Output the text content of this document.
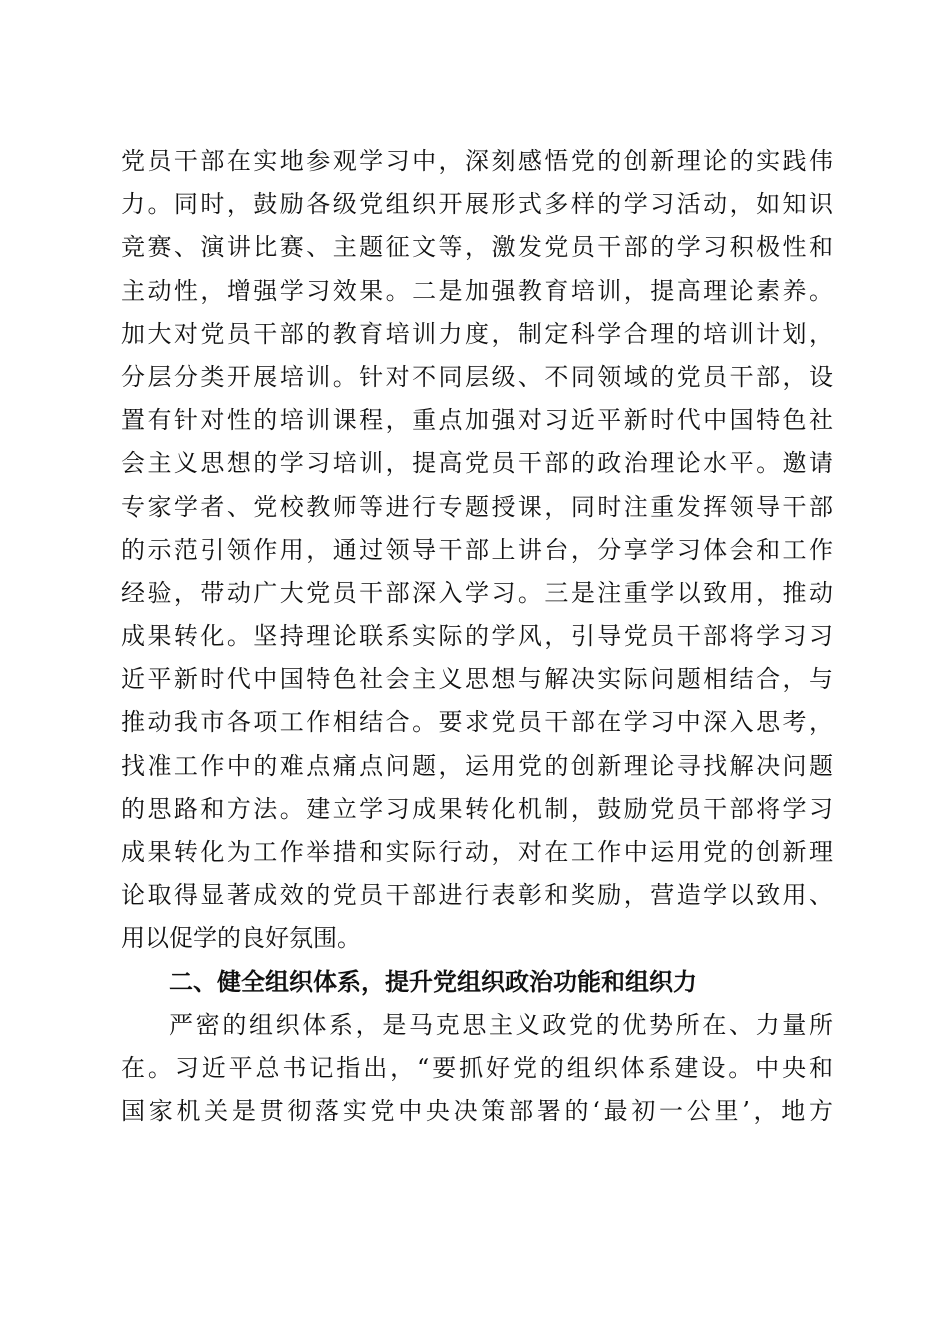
党员干部在实地参观学习中，深刻感悟党的创新理论的实践伟
力。同时，鼓励各级党组织开展形式多样的学习活动，如知识
竞赛、演讲比赛、主题征文等，激发党员干部的学习积极性和
主动性，增强学习效果。二是加强教育培训，提高理论素养。
加大对党员干部的教育培训力度，制定科学合理的培训计划，
分层分类开展培训。针对不同层级、不同领域的党员干部，设
置有针对性的培训课程，重点加强对习近平新时代中国特色社
会主义思想的学习培训，提高党员干部的政治理论水平。邀请
专家学者、党校教师等进行专题授课，同时注重发挥领导干部
的示范引领作用，通过领导干部上讲台，分享学习体会和工作
经验，带动广大党员干部深入学习。三是注重学以致用，推动
成果转化。坚持理论联系实际的学风，引导党员干部将学习习
近平新时代中国特色社会主义思想与解决实际问题相结合，与
推动我市各项工作相结合。要求党员干部在学习中深入思考，
找准工作中的难点痛点问题，运用党的创新理论寻找解决问题
的思路和方法。建立学习成果转化机制，鼓励党员干部将学习
成果转化为工作举措和实际行动，对在工作中运用党的创新理
论取得显著成效的党员干部进行表彰和奖励，营造学以致用、
用以促学的良好氛围。
二、健全组织体系，提升党组织政治功能和组织力
严密的组织体系，是马克思主义政党的优势所在、力量所
在。习近平总书记指出，“要抓好党的组织体系建设。中央和
国家机关是贯彻落实党中央决策部署的‘最初一公里’，地方
